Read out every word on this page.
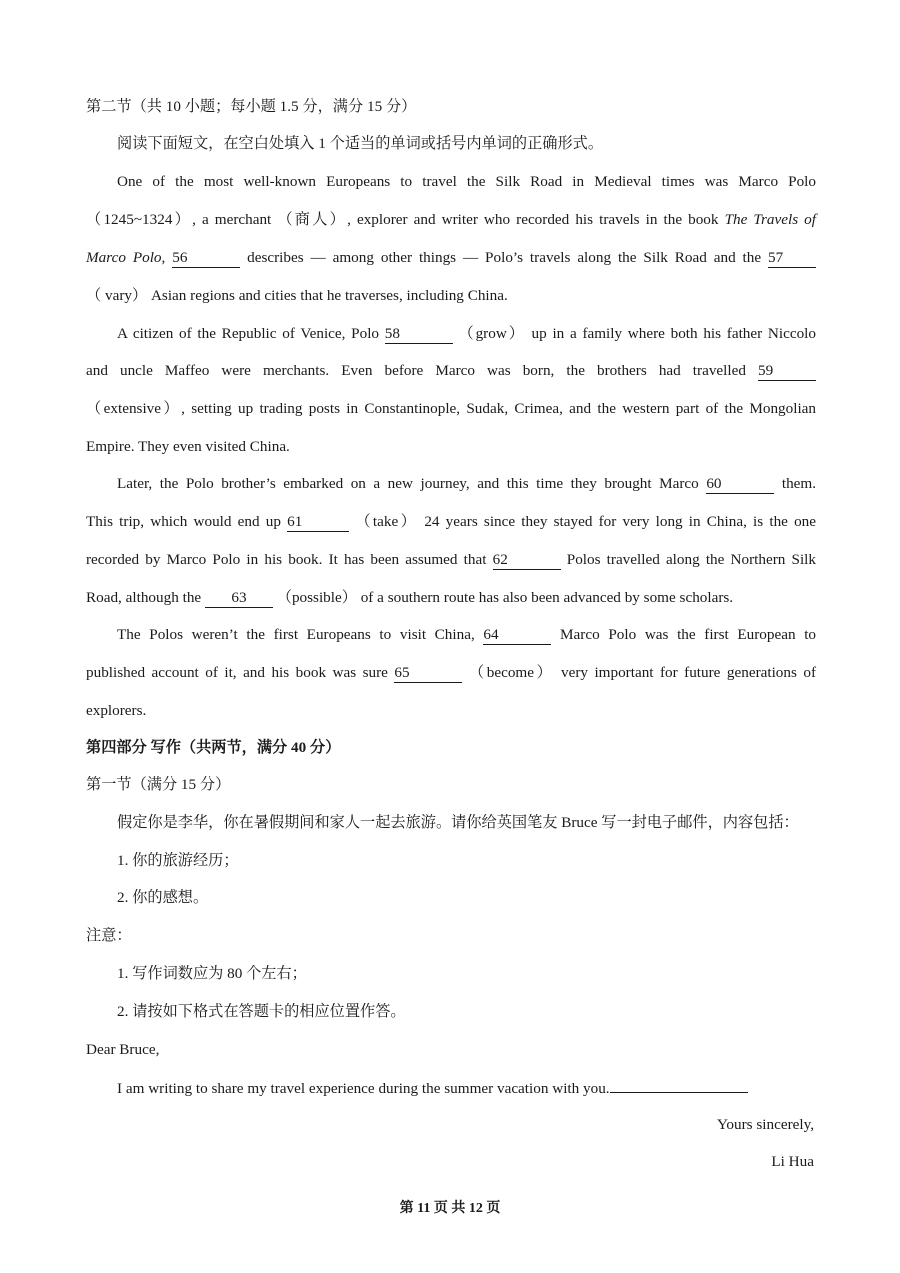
第二节（共 10 小题；每小题 1.5 分，满分 15 分）
阅读下面短文，在空白处填入 1 个适当的单词或括号内单词的正确形式。
One of the most well-known Europeans to travel the Silk Road in Medieval times was Marco Polo
（1245~1324）, a merchant （商人）, explorer and writer who recorded his travels in the book The Travels of
Marco Polo, 56	describes — among other things — Polo’s travels along the Silk Road and the 57
（ vary） Asian regions and cities that he traverses, including China.
A citizen of the Republic of Venice, Polo 58	（grow） up in a family where both his father Niccolo
and uncle Maffeo were merchants. Even before Marco was born, the brothers had travelled 59
（extensive）, setting up trading posts in Constantinople, Sudak, Crimea, and the western part of the Mongolian
Empire. They even visited China.
Later, the Polo brother’s embarked on a new journey, and this time they brought Marco 60	them.
This trip, which would end up 61	（take） 24 years since they stayed for very long in China, is the one
recorded by Marco Polo in his book. It has been assumed that 62	Polos travelled along the Northern Silk
Road, although the 63 （possible） of a southern route has also been advanced by some scholars.
The Polos weren’t the first Europeans to visit China, 64	Marco Polo was the first European to
published account of it, and his book was sure 65	（become） very important for future generations of
explorers.
第四部分 写作（共两节，满分 40 分）
第一节（满分 15 分）
假定你是李华，你在暑假期间和家人一起去旅游。请你给英国笔友 Bruce 写一封电子邮件，内容包括：
1. 你的旅游经历；
2. 你的感想。
注意：
1. 写作词数应为 80 个左右；
2. 请按如下格式在答题卡的相应位置作答。
Dear Bruce,
I am writing to share my travel experience during the summer vacation with you.
Yours sincerely,
Li Hua
第 11 页 共 12 页
